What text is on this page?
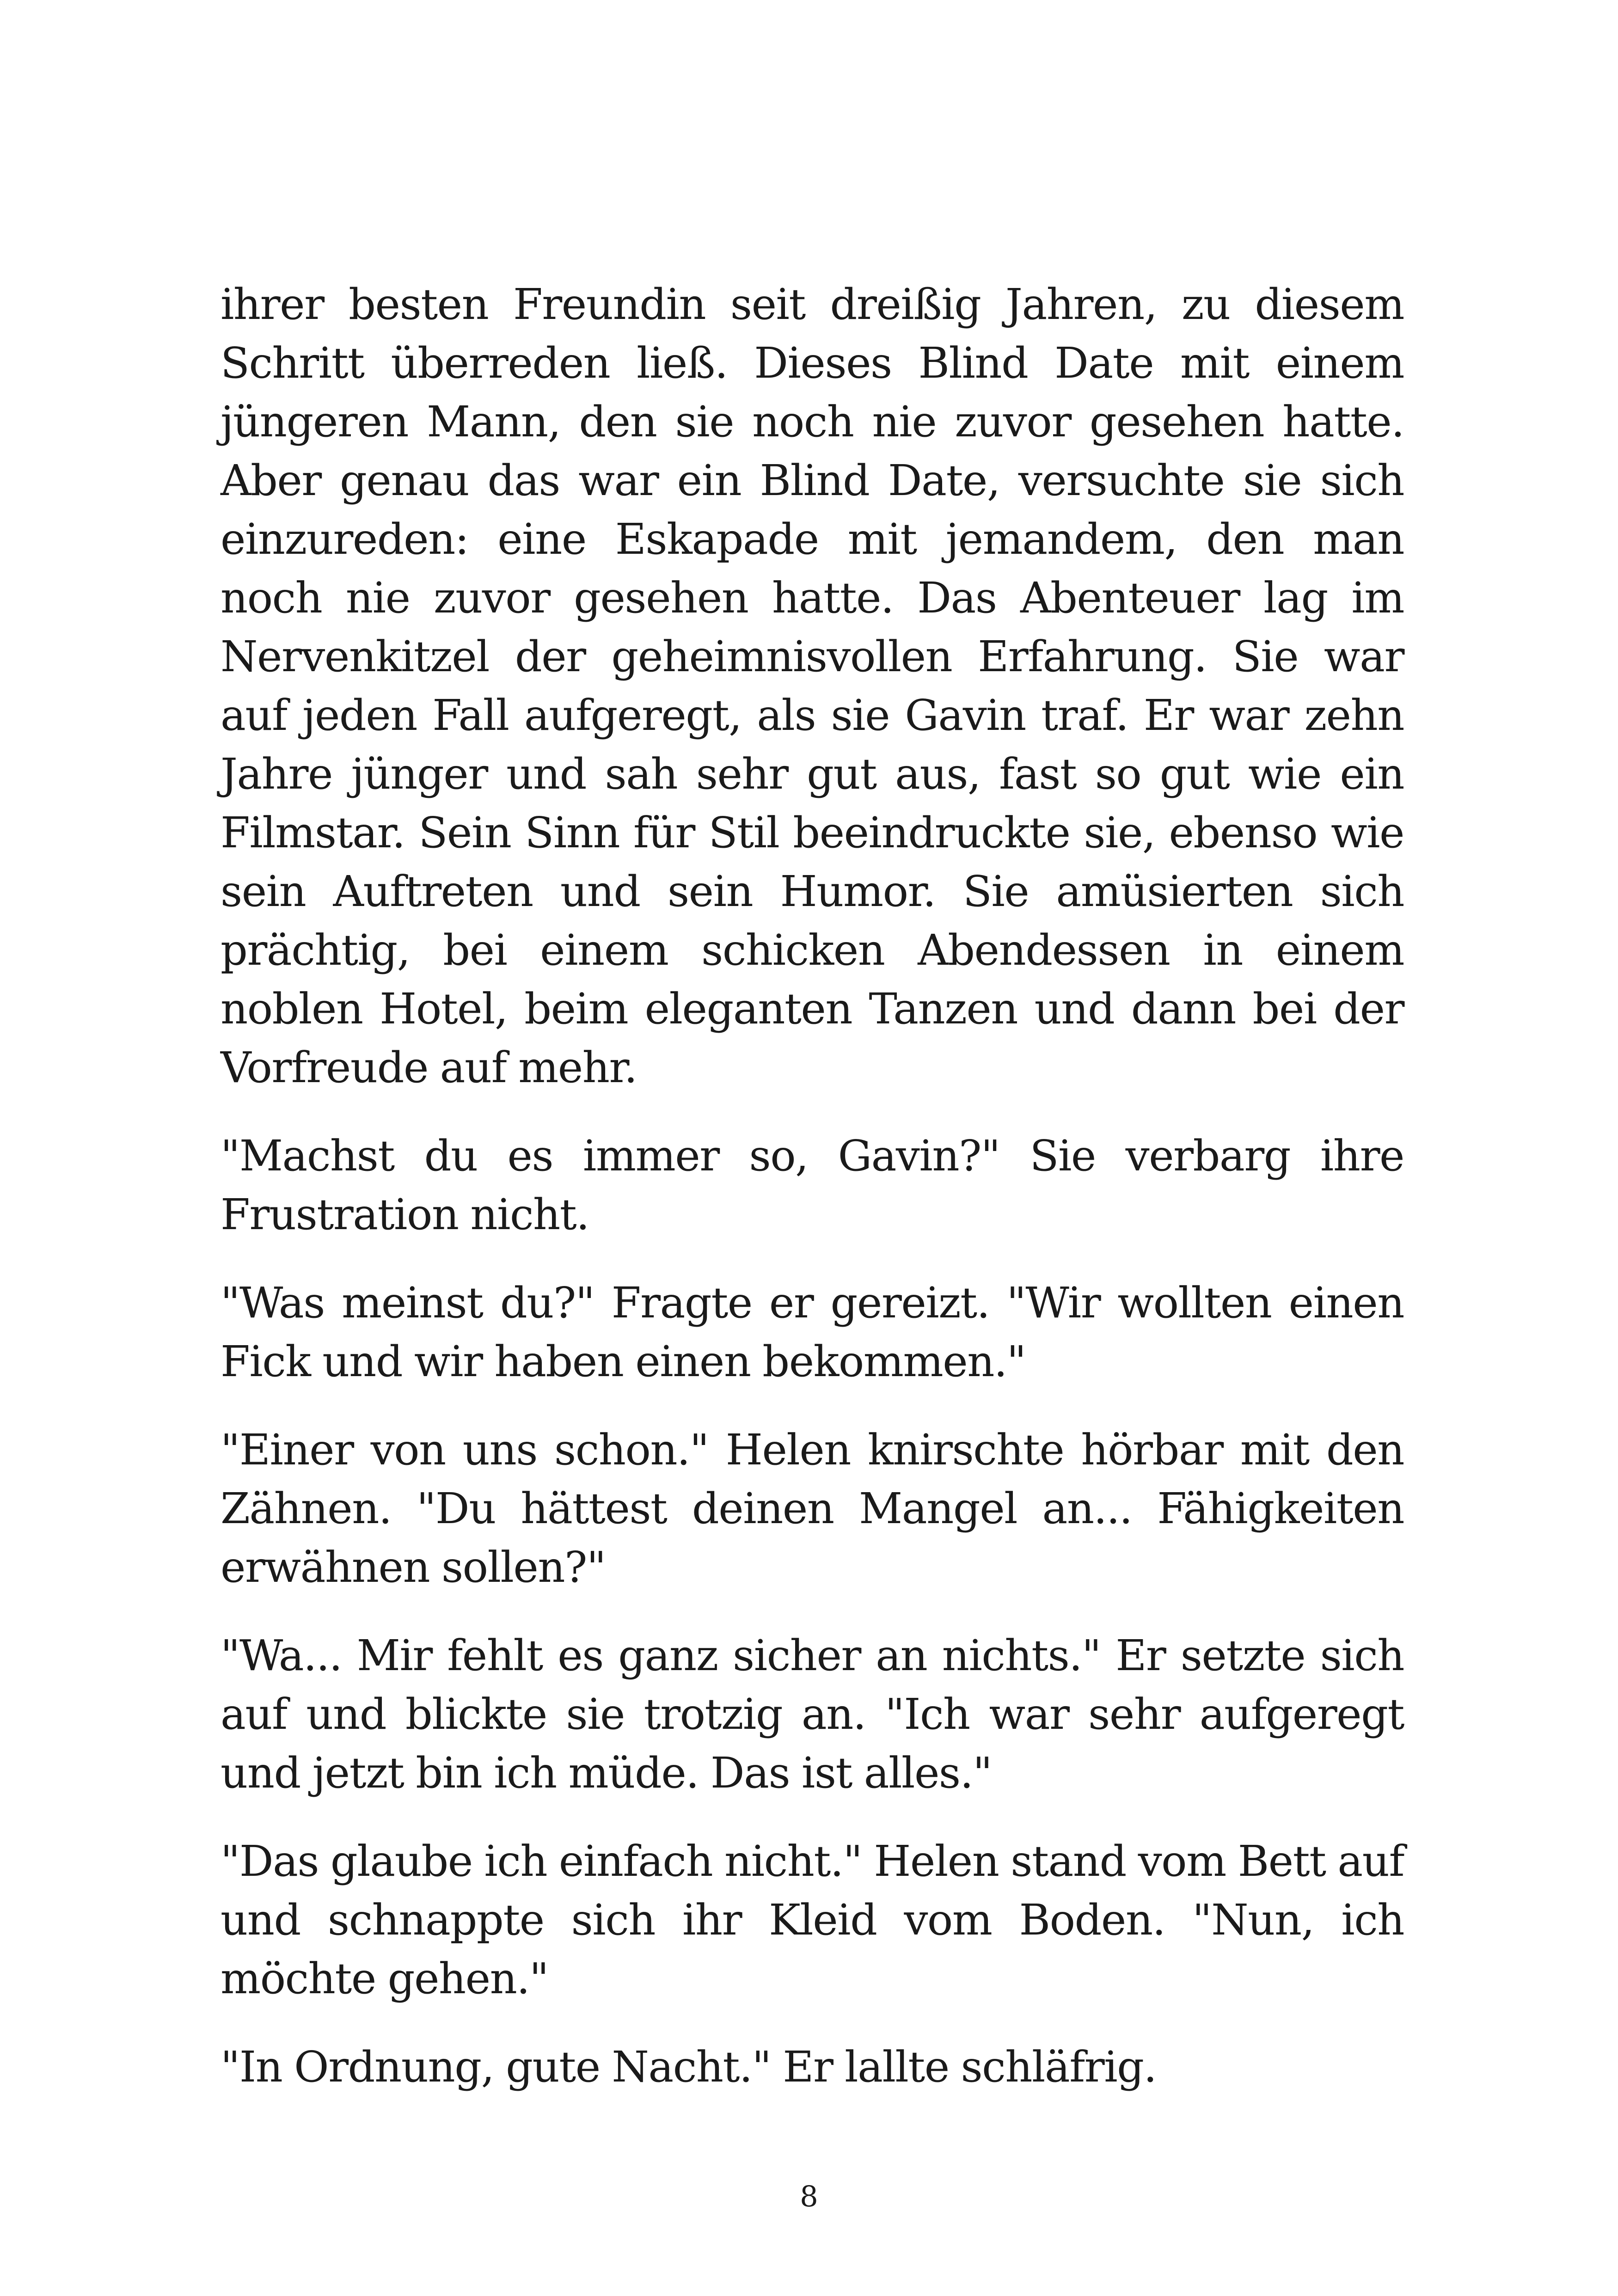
ihrer besten Freundin seit dreißig Jahren, zu diesem Schritt überreden ließ. Dieses Blind Date mit einem jüngeren Mann, den sie noch nie zuvor gesehen hatte. Aber genau das war ein Blind Date, versuchte sie sich einzureden: eine Eskapade mit jemandem, den man noch nie zuvor gesehen hatte. Das Abenteuer lag im Nervenkitzel der geheimnisvollen Erfahrung. Sie war auf jeden Fall aufgeregt, als sie Gavin traf. Er war zehn Jahre jünger und sah sehr gut aus, fast so gut wie ein Filmstar. Sein Sinn für Stil beeindruckte sie, ebenso wie sein Auftreten und sein Humor. Sie amüsierten sich prächtig, bei einem schicken Abendessen in einem noblen Hotel, beim eleganten Tanzen und dann bei der Vorfreude auf mehr.

"Machst du es immer so, Gavin?" Sie verbarg ihre Frustration nicht.

"Was meinst du?" Fragte er gereizt. "Wir wollten einen Fick und wir haben einen bekommen."

"Einer von uns schon." Helen knirschte hörbar mit den Zähnen. "Du hättest deinen Mangel an... Fähigkeiten erwähnen sollen?"

"Wa... Mir fehlt es ganz sicher an nichts." Er setzte sich auf und blickte sie trotzig an. "Ich war sehr aufgeregt und jetzt bin ich müde. Das ist alles."

"Das glaube ich einfach nicht." Helen stand vom Bett auf und schnappte sich ihr Kleid vom Boden. "Nun, ich möchte gehen."

"In Ordnung, gute Nacht." Er lallte schläfrig.

8
